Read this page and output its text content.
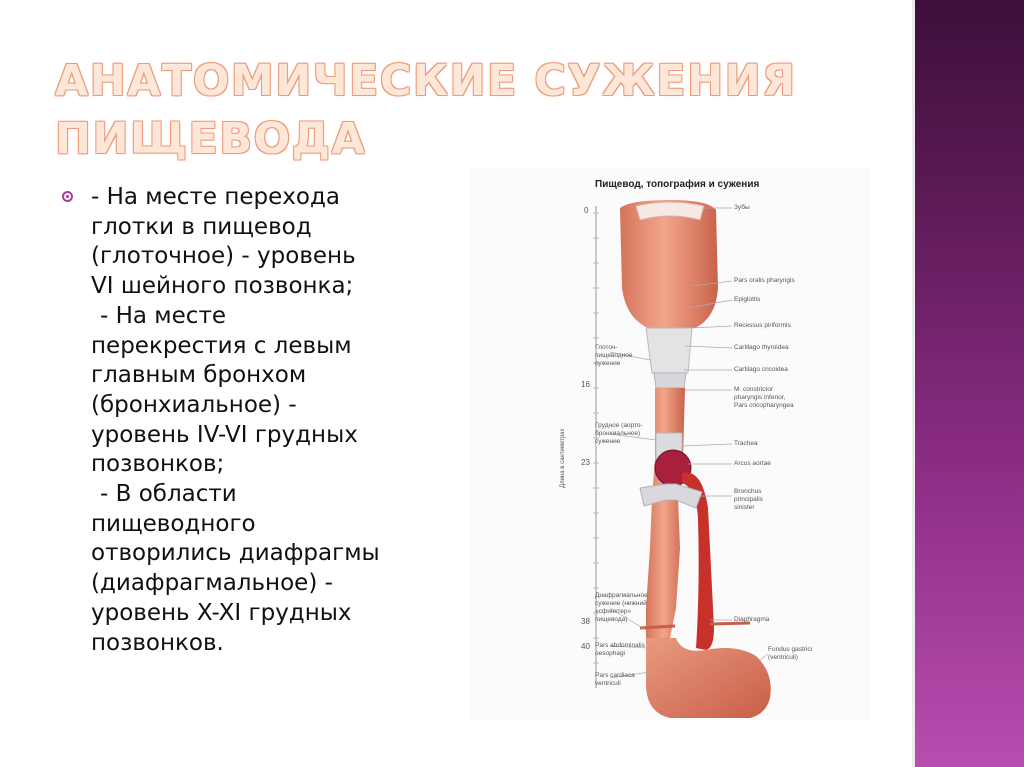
АНАТОМИЧЕСКИЕ СУЖЕНИЯ
ПИЩЕВОДА
- На месте перехода
глотки в пищевод
(глоточное) - уровень
VI шейного позвонка;
- На месте
перекрестия с левым
главным бронхом
(бронхиальное) -
уровень IV-VI грудных
позвонков;
- В области
пищеводного
отворились диафрагмы
(диафрагмальное) -
уровень X-XI грудных
позвонков.
Пищевод, топография и сужения
Длина в сантиметрах
0
16
23
38
40
Зубы
Pars oralis pharyngis
Epiglottis
Recessus piriformis
Cartilago thyroidea
Cartilago cricoidea
M. constrictor
pharyngis inferior,
Pars cricopharyngea
Trachea
Arcus aortae
Bronchus
principalis
sinister
Diaphragma
Fundus gastrici
(ventriculi)
Глоточ-
пищеводное
сужение
Грудное (аорто-
бронхиальное)
сужение
Диафрагмальное
сужение (нижний
«сфинктер»
пищевода)
Pars abdominalis
oesophagi
Pars cardiaca
ventriculi
